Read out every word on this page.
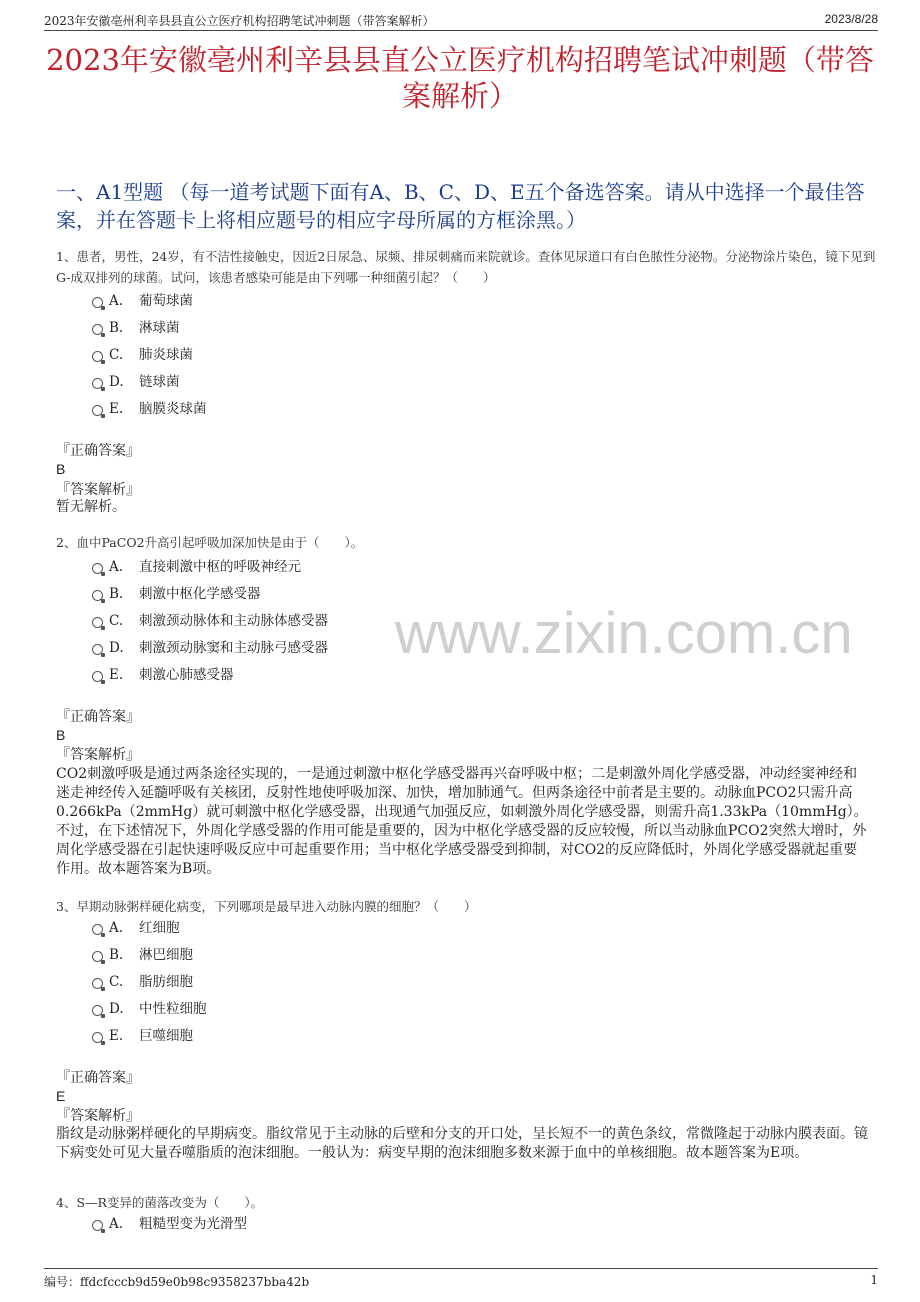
2023年安徽亳州利辛县县直公立医疗机构招聘笔试冲刺题（带答案解析）	2023/8/28
2023年安徽亳州利辛县县直公立医疗机构招聘笔试冲刺题（带答案解析）
一、A1型题 （每一道考试题下面有A、B、C、D、E五个备选答案。请从中选择一个最佳答案，并在答题卡上将相应题号的相应字母所属的方框涂黑。）
www.zixin.com.cn
1、患者，男性，24岁，有不洁性接触史，因近2日尿急、尿频、排尿刺痛而来院就诊。查体见尿道口有白色脓性分泌物。分泌物涂片染色，镜下见到G-成双排列的球菌。试问，该患者感染可能是由下列哪一种细菌引起？（　　）
A. 葡萄球菌
B. 淋球菌
C. 肺炎球菌
D. 链球菌
E. 脑膜炎球菌
『正确答案』
B
『答案解析』
暂无解析。
2、血中PaCO2升高引起呼吸加深加快是由于（　　）。
A. 直接刺激中枢的呼吸神经元
B. 刺激中枢化学感受器
C. 刺激颈动脉体和主动脉体感受器
D. 刺激颈动脉窦和主动脉弓感受器
E. 刺激心肺感受器
『正确答案』
B
『答案解析』
CO2刺激呼吸是通过两条途径实现的，一是通过刺激中枢化学感受器再兴奋呼吸中枢；二是刺激外周化学感受器，冲动经窦神经和迷走神经传入延髓呼吸有关核团，反射性地使呼吸加深、加快，增加肺通气。但两条途径中前者是主要的。动脉血PCO2只需升高0.266kPa（2mmHg）就可刺激中枢化学感受器，出现通气加强反应，如刺激外周化学感受器，则需升高1.33kPa（10mmHg）。不过，在下述情况下，外周化学感受器的作用可能是重要的，因为中枢化学感受器的反应较慢，所以当动脉血PCO2突然大增时，外周化学感受器在引起快速呼吸反应中可起重要作用；当中枢化学感受器受到抑制，对CO2的反应降低时，外周化学感受器就起重要作用。故本题答案为B项。
3、早期动脉粥样硬化病变，下列哪项是最早进入动脉内膜的细胞？（　　）
A. 红细胞
B. 淋巴细胞
C. 脂肪细胞
D. 中性粒细胞
E. 巨噬细胞
『正确答案』
E
『答案解析』
脂纹是动脉粥样硬化的早期病变。脂纹常见于主动脉的后壁和分支的开口处，呈长短不一的黄色条纹，常微隆起于动脉内膜表面。镜下病变处可见大量吞噬脂质的泡沫细胞。一般认为：病变早期的泡沫细胞多数来源于血中的单核细胞。故本题答案为E项。
4、S—R变异的菌落改变为（　　）。
A. 粗糙型变为光滑型
编号：ffdcfcccb9d59e0b98c9358237bba42b	1
